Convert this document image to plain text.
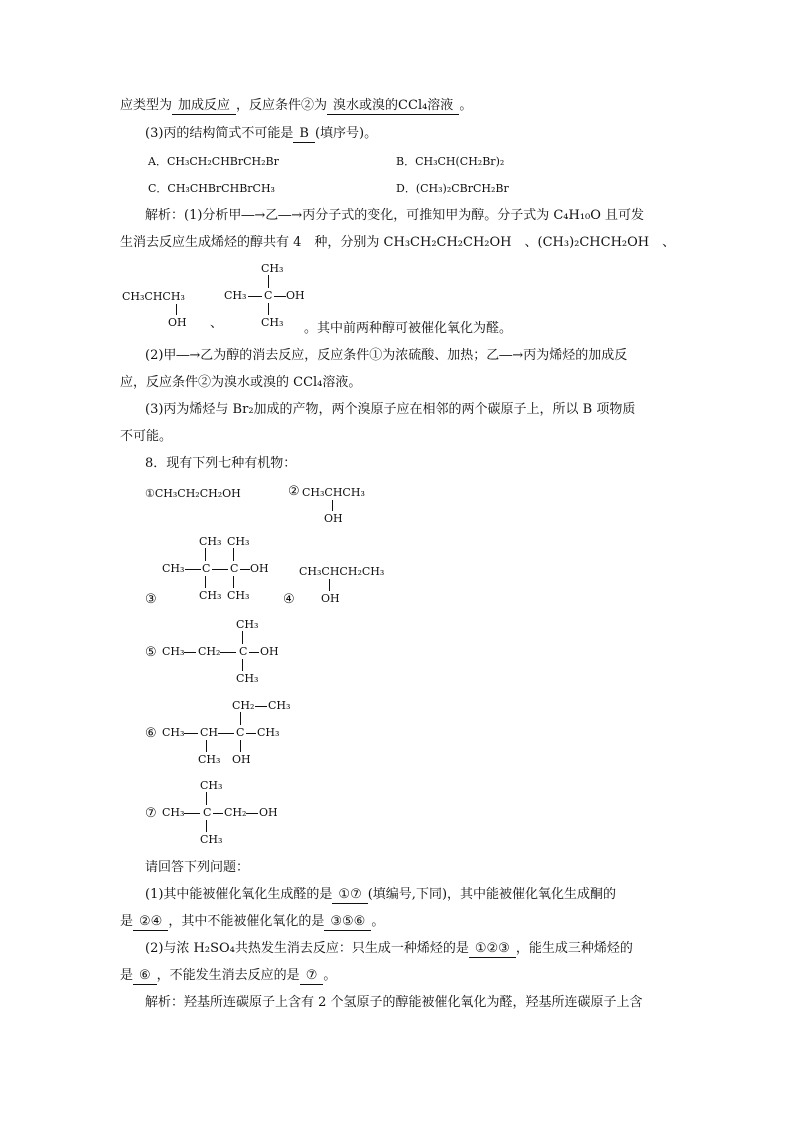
应类型为 加成反应 ，反应条件②为 溴水或溴的CCl₄溶液 。
(3)丙的结构简式不可能是 B (填序号)。
A．CH₃CH₂CHBrCH₂Br	B．CH₃CH(CH₂Br)₂
C．CH₃CHBrCHBrCH₃	D．(CH₃)₂CBrCH₂Br
解析：(1)分析甲―→乙―→丙分子式的变化，可推知甲为醇。分子式为 C₄H₁₀O 且可发
生消去反应生成烯烃的醇共有 4　种，分别为 CH₃CH₂CH₂CH₂OH　、(CH₃)₂CHCH₂OH　、
CH₃CHCH₃
OH 、
CH₃
CH₃ C OH
CH₃ 。其中前两种醇可被催化氧化为醛。
(2)甲―→乙为醇的消去反应，反应条件①为浓硫酸、加热；乙―→丙为烯烃的加成反
应，反应条件②为溴水或溴的 CCl₄溶液。
(3)丙为烯烃与 Br₂加成的产物，两个溴原子应在相邻的两个碳原子上，所以 B 项物质
不可能。
8．现有下列七种有机物：
①CH₃CH₂CH₂OH	② CH₃CHCH₃
OH
③
CH₃ CH₃
CH₃ C C OH
CH₃ CH₃	④
CH₃CHCH₂CH₃
OH
⑤
CH₃
CH₃ CH₂ C OH
CH₃
⑥
CH₂ CH₃
CH₃ CH C CH₃
CH₃ OH
⑦
CH₃
CH₃ C CH₂ OH
CH₃
请回答下列问题：
(1)其中能被催化氧化生成醛的是 ①⑦ (填编号,下同)，其中能被催化氧化生成酮的
是 ②④ ，其中不能被催化氧化的是 ③⑤⑥ 。
(2)与浓 H₂SO₄共热发生消去反应：只生成一种烯烃的是 ①②③ ，能生成三种烯烃的
是 ⑥ ，不能发生消去反应的是 ⑦ 。
解析：羟基所连碳原子上含有 2 个氢原子的醇能被催化氧化为醛，羟基所连碳原子上含
